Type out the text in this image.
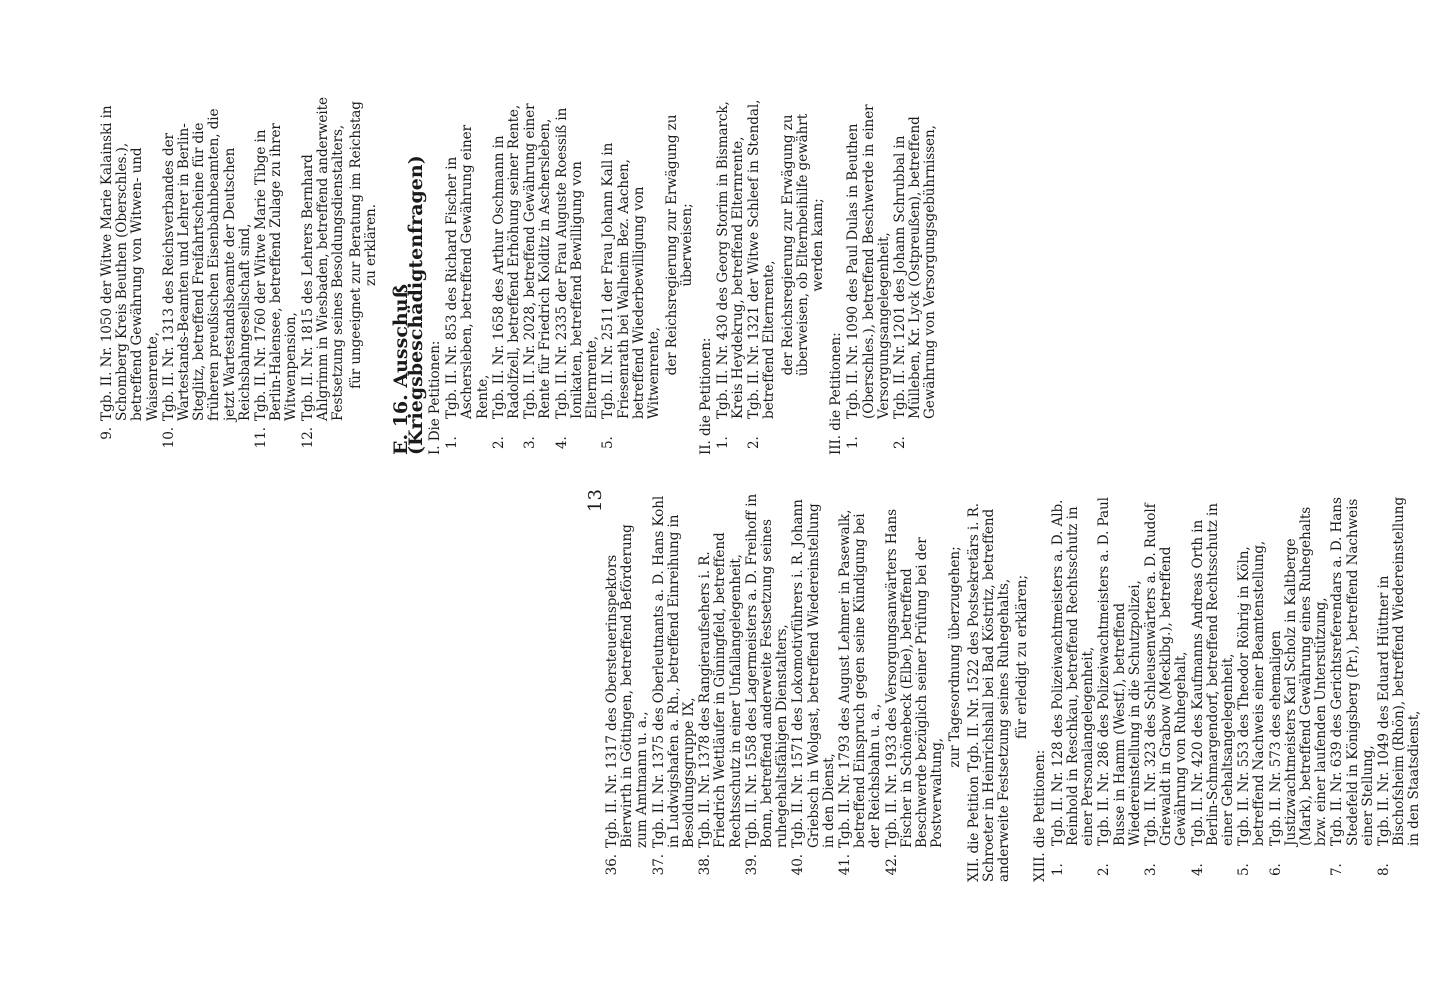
13
36.
Tgb. II. Nr. 1317 des Obersteuerinspektors Bierwirth in Göttingen, betreffend Beförderung zum Amtmann u. a.,
37.
Tgb. II. Nr. 1375 des Oberleutnants a. D. Hans Kohl in Ludwigshafen a. Rh., betreffend Einreihung in Besoldungsgruppe IX,
38.
Tgb. II. Nr. 1378 des Rangieraufsehers i. R. Friedrich Wettläufer in Güningfeld, betreffend Rechtsschutz in einer Unfallangelegenheit,
39.
Tgb. II. Nr. 1558 des Lagermeisters a. D. Freihoff in Bonn, betreffend anderweite Festsetzung seines ruhegehaltsfähigen Dienstalters,
40.
Tgb. II. Nr. 1571 des Lokomotivführers i. R. Johann Griebsch in Wolgast, betreffend Wiedereinstellung in den Dienst,
41.
Tgb. II. Nr. 1793 des August Lehmer in Pasewalk, betreffend Einspruch gegen seine Kündigung bei der Reichsbahn u. a.,
42.
Tgb. II. Nr. 1933 des Versorgungsanwärters Hans Fischer in Schönebeck (Elbe), betreffend Beschwerde bezüglich seiner Prüfung bei der Postverwaltung,
zur Tagesordnung überzugehen; XII. die Petition Tgb. II. Nr. 1522 des Postsekretärs i. R. Schroeter in Heinrichshall bei Bad Köstritz, betreffend anderweite Festsetzung seines Ruhegehalts, für erledigt zu erklären;
XIII. die Petitionen: 1.
Tgb. II. Nr. 128 des Polizeiwachtmeisters a. D. Alb. Reinhold in Reschkau, betreffend Rechtsschutz in einer Personalangelegenheit,
2.
Tgb. II. Nr. 286 des Polizeiwachtmeisters a. D. Paul Busse in Hamm (Westf.), betreffend Wiedereinstellung in die Schutzpolizei,
3.
Tgb. II. Nr. 323 des Schleusenwärters a. D. Rudolf Griewaldt in Grabow (Mecklbg.), betreffend Gewährung von Ruhegehalt,
4.
Tgb. II. Nr. 420 des Kaufmanns Andreas Orth in Berlin-Schmargendorf, betreffend Rechtsschutz in einer Gehaltsangelegenheit,
5.
Tgb. II. Nr. 553 des Theodor Röhrig in Köln, betreffend Nachweis einer Beamtenstellung,
6.
Tgb. II. Nr. 573 des ehemaligen Justizwachtmeisters Karl Scholz in Kaltberge (Mark), betreffend Gewährung eines Ruhegehalts bzw. einer laufenden Unterstützung,
7.
Tgb. II. Nr. 639 des Gerichtsreferendars a. D. Hans Stedefeld in Königsberg (Pr.), betreffend Nachweis einer Stellung,
8.
Tgb. II. Nr. 1049 des Eduard Hüttner in Bischofsheim (Rhön), betreffend Wiedereinstellung in den Staatsdienst,
9.
Tgb. II. Nr. 1050 der Witwe Marie Kalainski in Schomberg Kreis Beuthen (Oberschles.), betreffend Gewährung von Witwen- und Waisenrente,
10.
Tgb. II. Nr. 1313 des Reichsverbandes der Wartestands-Beamten und Lehrer in Berlin-Steglitz, betreffend Freifahrtscheine für die früheren preußischen Eisenbahnbeamten, die jetzt Wartestandsbeamte der Deutschen Reichsbahngesellschaft sind,
11.
Tgb. II. Nr. 1760 der Witwe Marie Tibge in Berlin-Halensee, betreffend Zulage zu ihrer Witwenpension,
12.
Tgb. II. Nr. 1815 des Lehrers Bernhard Ahlgrimm in Wiesbaden, betreffend anderweite Festsetzung seines Besoldungsdienstalters, für ungeeignet zur Beratung im Reichstag zu erklären.
E. 16. Ausschuß (Kriegsbeschädigtenfragen) I. Die Petitionen: 1.
Tgb. II. Nr. 853 des Richard Fischer in Aschersleben, betreffend Gewährung einer Rente,
2.
Tgb. II. Nr. 1658 des Arthur Oschmann in Radolfzell, betreffend Erhöhung seiner Rente,
3.
Tgb. II. Nr. 2028, betreffend Gewährung einer Rente für Friedrich Kolditz in Aschersleben,
4.
Tgb. II. Nr. 2335 der Frau Auguste Roessiß in Ionikaten, betreffend Bewilligung von Elternrente,
5.
Tgb. II. Nr. 2511 der Frau Johann Kall in Friesenrath bei Walheim Bez. Aachen, betreffend Wiederbewilligung von Witwenrente, der Reichsregierung zur Erwägung zu überweisen;
II. die Petitionen: 1.
Tgb. II. Nr. 430 des Georg Storim in Bismarck, Kreis Heydekrug, betreffend Elternrente,
2.
Tgb. II. Nr. 1321 der Witwe Schleef in Stendal, betreffend Elternrente, der Reichsregierung zur Erwägung zu überweisen, ob Elternbeihilfe gewährt werden kann;
III. die Petitionen: 1.
Tgb. II. Nr. 1090 des Paul Dulas in Beuthen (Oberschles.), betreffend Beschwerde in einer Versorgungsangelegenheit,
2.
Tgb. II. Nr. 1201 des Johann Schrubbal in Mülleben, Kr. Lyck (Ostpreußen), betreffend Gewährung von Versorgungsgebührnissen,
